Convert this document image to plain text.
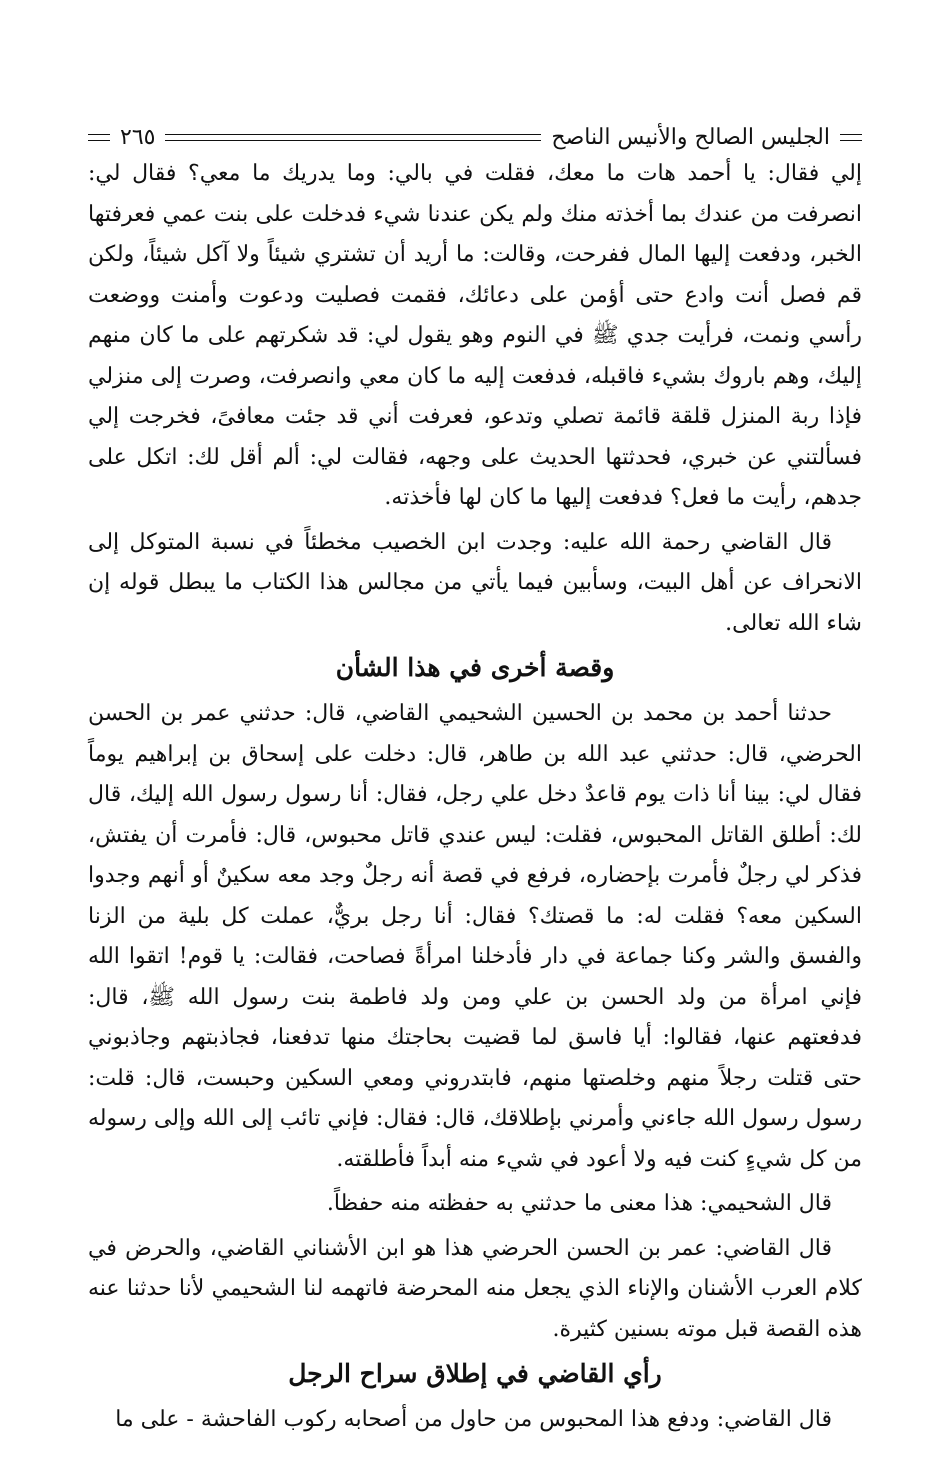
الجليس الصالح والأنيس الناصح
٢٦٥

إلي فقال: يا أحمد هات ما معك، فقلت في بالي: وما يدريك ما معي؟ فقال لي: انصرفت من عندك بما أخذته منك ولم يكن عندنا شيء فدخلت على بنت عمي فعرفتها الخبر، ودفعت إليها المال ففرحت، وقالت: ما أريد أن تشتري شيئاً ولا آكل شيئاً، ولكن قم فصل أنت وادع حتى أؤمن على دعائك، فقمت فصليت ودعوت وأمنت ووضعت رأسي ونمت، فرأيت جدي ﷺ في النوم وهو يقول لي: قد شكرتهم على ما كان منهم إليك، وهم باروك بشيء فاقبله، فدفعت إليه ما كان معي وانصرفت، وصرت إلى منزلي فإذا ربة المنزل قلقة قائمة تصلي وتدعو، فعرفت أني قد جئت معافىً، فخرجت إلي فسألتني عن خبري، فحدثتها الحديث على وجهه، فقالت لي: ألم أقل لك: اتكل على جدهم، رأيت ما فعل؟ فدفعت إليها ما كان لها فأخذته.

قال القاضي رحمة الله عليه: وجدت ابن الخصيب مخطئاً في نسبة المتوكل إلى الانحراف عن أهل البيت، وسأبين فيما يأتي من مجالس هذا الكتاب ما يبطل قوله إن شاء الله تعالى.

وقصة أخرى في هذا الشأن

حدثنا أحمد بن محمد بن الحسين الشحيمي القاضي، قال: حدثني عمر بن الحسن الحرضي، قال: حدثني عبد الله بن طاهر، قال: دخلت على إسحاق بن إبراهيم يوماً فقال لي: بينا أنا ذات يوم قاعدٌ دخل علي رجل، فقال: أنا رسول رسول الله إليك، قال لك: أطلق القاتل المحبوس، فقلت: ليس عندي قاتل محبوس، قال: فأمرت أن يفتش، فذكر لي رجلٌ فأمرت بإحضاره، فرفع في قصة أنه رجلٌ وجد معه سكينٌ أو أنهم وجدوا السكين معه؟ فقلت له: ما قصتك؟ فقال: أنا رجل بريٌّ، عملت كل بلية من الزنا والفسق والشر وكنا جماعة في دار فأدخلنا امرأةً فصاحت، فقالت: يا قوم! اتقوا الله فإني امرأة من ولد الحسن بن علي ومن ولد فاطمة بنت رسول الله ﷺ، قال: فدفعتهم عنها، فقالوا: أيا فاسق لما قضيت بحاجتك منها تدفعنا، فجاذبتهم وجاذبوني حتى قتلت رجلاً منهم وخلصتها منهم، فابتدروني ومعي السكين وحبست، قال: قلت: رسول رسول الله جاءني وأمرني بإطلاقك، قال: فقال: فإني تائب إلى الله وإلى رسوله من كل شيءٍ كنت فيه ولا أعود في شيء منه أبداً فأطلقته.

قال الشحيمي: هذا معنى ما حدثني به حفظته منه حفظاً.

قال القاضي: عمر بن الحسن الحرضي هذا هو ابن الأشناني القاضي، والحرض في كلام العرب الأشنان والإناء الذي يجعل منه المحرضة فاتهمه لنا الشحيمي لأنا حدثنا عنه هذه القصة قبل موته بسنين كثيرة.

رأي القاضي في إطلاق سراح الرجل

قال القاضي: ودفع هذا المحبوس من حاول من أصحابه ركوب الفاحشة - على ما
